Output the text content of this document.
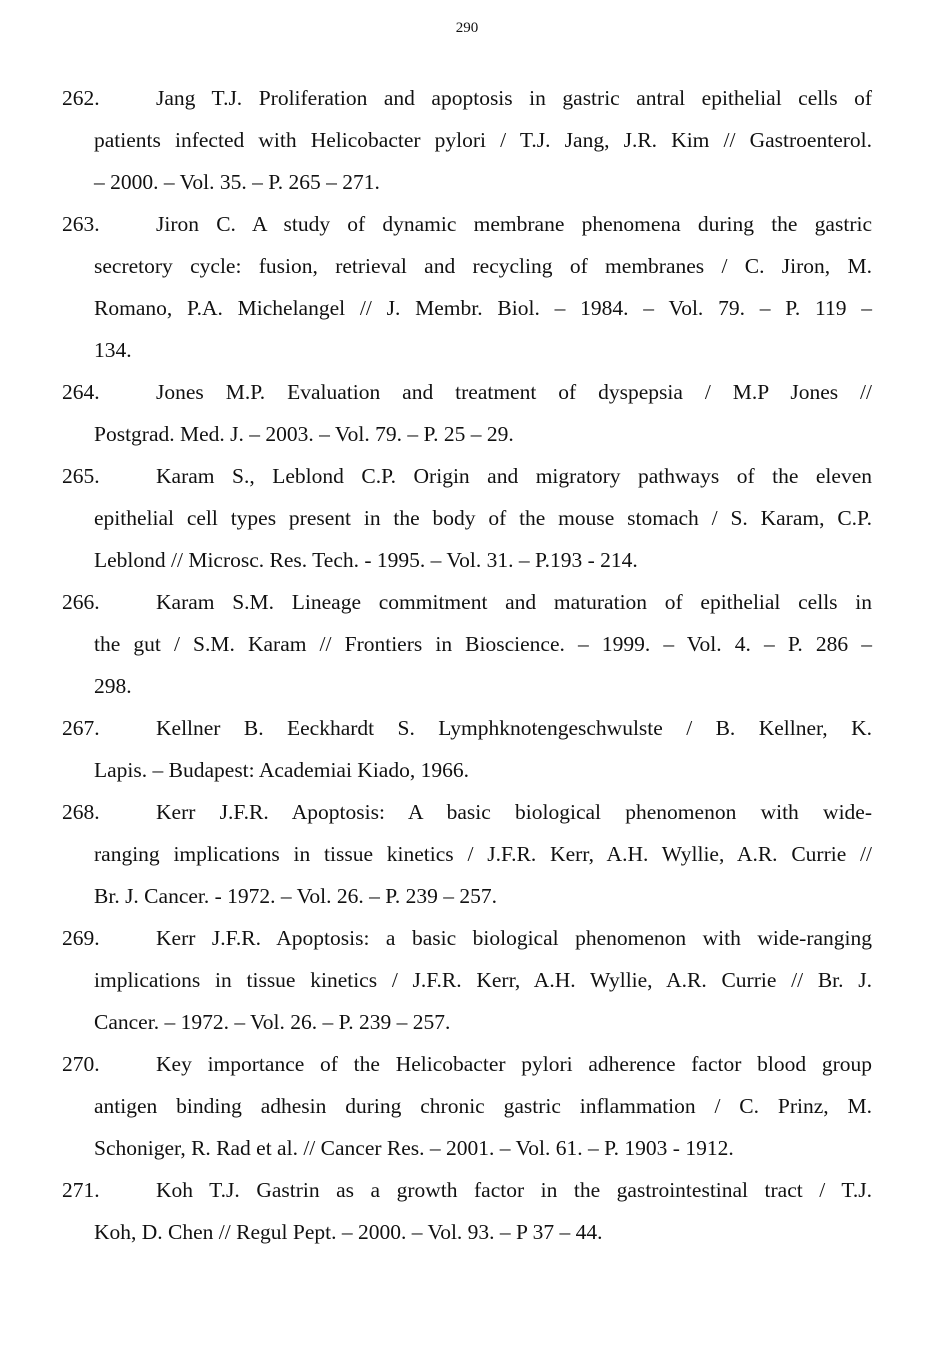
290
262.	Jang T.J. Proliferation and apoptosis in gastric antral epithelial cells of
patients infected with Helicobacter pylori / T.J. Jang, J.R. Kim // Gastroenterol.
– 2000. – Vol. 35. – P. 265 – 271.
263.	Jiron C. A study of dynamic membrane phenomena during the gastric
secretory cycle: fusion, retrieval and recycling of membranes / C. Jiron, M.
Romano, P.A. Michelangel // J. Membr. Biol. – 1984. – Vol. 79. – P. 119 –
134.
264.	Jones M.P. Evaluation and treatment of dyspepsia / M.P Jones //
Postgrad. Med. J. – 2003. – Vol. 79. – P. 25 – 29.
265.	Karam S., Leblond C.P. Origin and migratory pathways of the eleven
epithelial cell types present in the body of the mouse stomach / S. Karam, C.P.
Leblond // Microsc. Res. Tech. - 1995. – Vol. 31. – P.193 - 214.
266.	Karam S.M. Lineage commitment and maturation of epithelial cells in
the gut / S.M. Karam // Frontiers in Bioscience. – 1999. – Vol. 4. – P. 286 –
298.
267.	Kellner B. Eeckhardt S. Lymphknotengeschwulste / B. Kellner, K.
Lapis. – Budapest: Academiai Kiado, 1966.
268.	Kerr J.F.R. Apoptosis: A basic biological phenomenon with wide-
ranging implications in tissue kinetics / J.F.R. Kerr, A.H. Wyllie, A.R. Currie //
Br. J. Cancer. - 1972. – Vol. 26. – P. 239 – 257.
269.	Kerr J.F.R. Apoptosis: a basic biological phenomenon with wide-ranging
implications in tissue kinetics / J.F.R. Kerr, A.H. Wyllie, A.R. Currie // Br. J.
Cancer. – 1972. – Vol. 26. – P. 239 – 257.
270.	Key importance of the Helicobacter pylori adherence factor blood group
antigen binding adhesin during chronic gastric inflammation / C. Prinz, M.
Schoniger, R. Rad et al. // Cancer Res. – 2001. – Vol. 61. – P. 1903 - 1912.
271.	Koh T.J. Gastrin as a growth factor in the gastrointestinal tract / T.J.
Koh, D. Chen // Regul Pept. – 2000. – Vol. 93. – P 37 – 44.
